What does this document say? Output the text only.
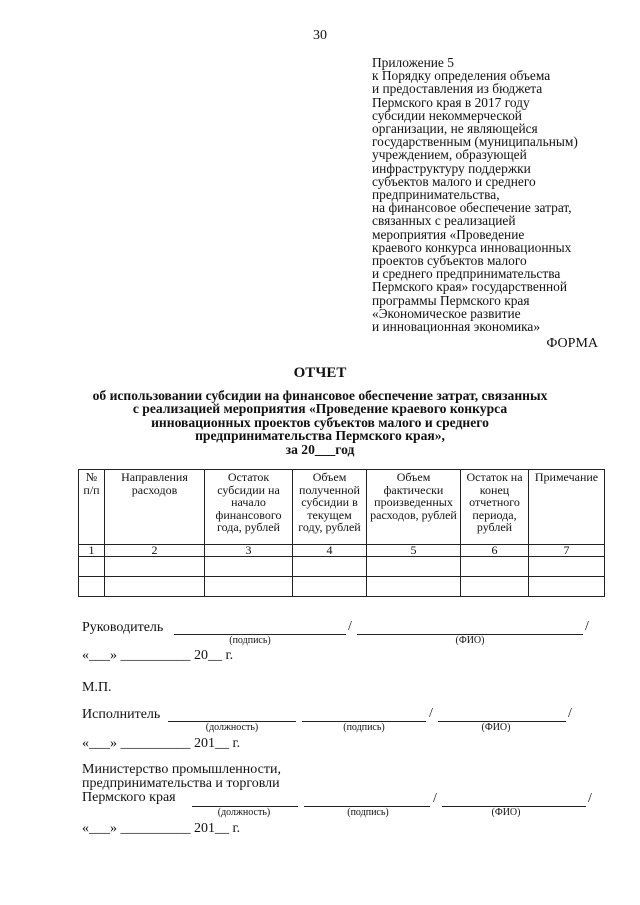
30
Приложение 5
к Порядку определения объема
и предоставления из бюджета
Пермского края в 2017 году
субсидии некоммерческой
организации, не являющейся
государственным (муниципальным)
учреждением, образующей
инфраструктуру поддержки
субъектов малого и среднего
предпринимательства,
на финансовое обеспечение затрат,
связанных с реализацией
мероприятия «Проведение
краевого конкурса инновационных
проектов субъектов малого
и среднего предпринимательства
Пермского края» государственной
программы Пермского края
«Экономическое развитие
и инновационная экономика»
ФОРМА
ОТЧЕТ
об использовании субсидии на финансовое обеспечение затрат, связанных
с реализацией мероприятия «Проведение краевого конкурса
инновационных проектов субъектов малого и среднего
предпринимательства Пермского края»,
за 20___год
№ п/п	Направления расходов	Остаток субсидии на начало финансового года, рублей	Объем полученной субсидии в текущем году, рублей	Объем фактически произведенных расходов, рублей	Остаток на конец отчетного периода, рублей	Примечание
1	2	3	4	5	6	7

Руководитель	/	/
(подпись)	(ФИО)
«___» __________ 20__ г.
М.П.
Исполнитель	/	/
(должность)	(подпись)	(ФИО)
«___» __________ 201__ г.
Министерство промышленности,
предпринимательства и торговли
Пермского края	/	/
(должность)	(подпись)	(ФИО)
«___» __________ 201__ г.
